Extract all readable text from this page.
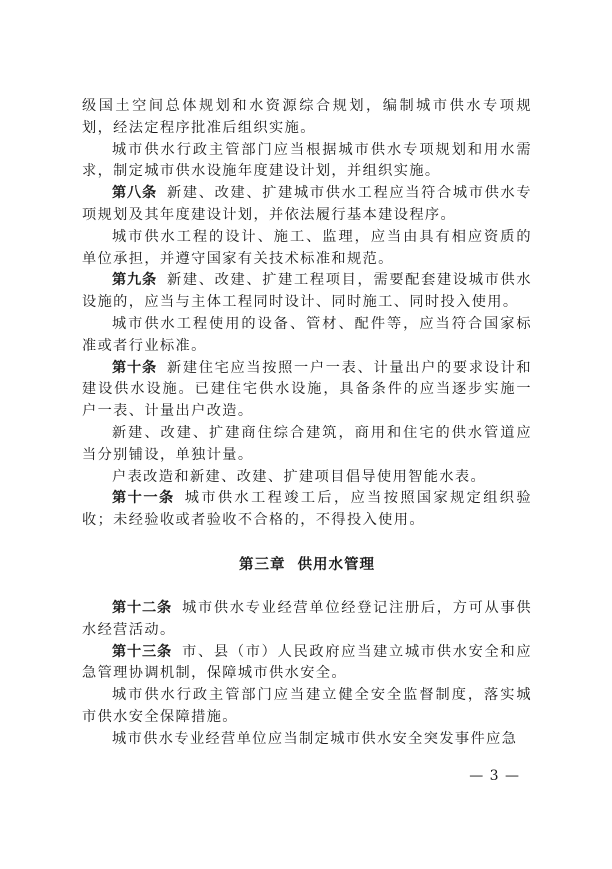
级国土空间总体规划和水资源综合规划，编制城市供水专项规划，经法定程序批准后组织实施。

城市供水行政主管部门应当根据城市供水专项规划和用水需求，制定城市供水设施年度建设计划，并组织实施。

第八条 新建、改建、扩建城市供水工程应当符合城市供水专项规划及其年度建设计划，并依法履行基本建设程序。

城市供水工程的设计、施工、监理，应当由具有相应资质的单位承担，并遵守国家有关技术标准和规范。

第九条 新建、改建、扩建工程项目，需要配套建设城市供水设施的，应当与主体工程同时设计、同时施工、同时投入使用。

城市供水工程使用的设备、管材、配件等，应当符合国家标准或者行业标准。

第十条 新建住宅应当按照一户一表、计量出户的要求设计和建设供水设施。已建住宅供水设施，具备条件的应当逐步实施一户一表、计量出户改造。

新建、改建、扩建商住综合建筑，商用和住宅的供水管道应当分别铺设，单独计量。

户表改造和新建、改建、扩建项目倡导使用智能水表。

第十一条 城市供水工程竣工后，应当按照国家规定组织验收；未经验收或者验收不合格的，不得投入使用。

第三章 供用水管理

第十二条 城市供水专业经营单位经登记注册后，方可从事供水经营活动。

第十三条 市、县（市）人民政府应当建立城市供水安全和应急管理协调机制，保障城市供水安全。

城市供水行政主管部门应当建立健全安全监督制度，落实城市供水安全保障措施。

城市供水专业经营单位应当制定城市供水安全突发事件应急

— 3 —
